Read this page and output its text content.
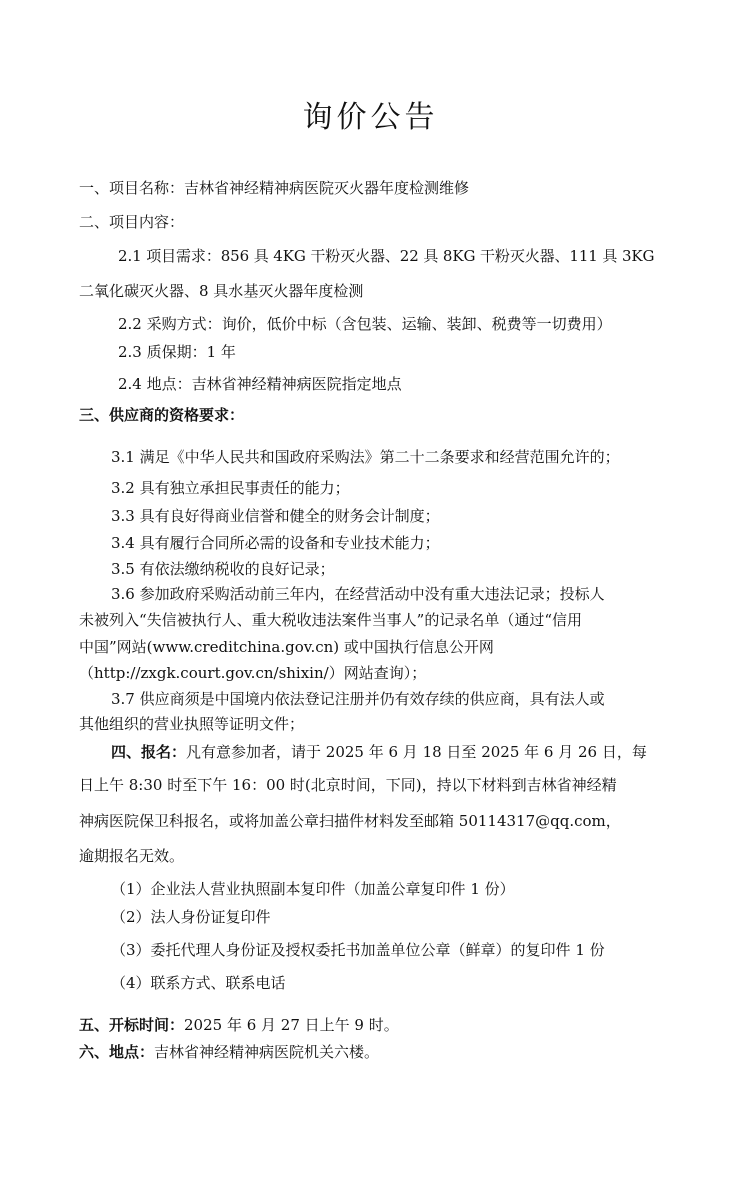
询价公告
一、项目名称：吉林省神经精神病医院灭火器年度检测维修
二、项目内容：
2.1 项目需求：856 具 4KG 干粉灭火器、22 具 8KG 干粉灭火器、111 具 3KG
二氧化碳灭火器、8 具水基灭火器年度检测
2.2 采购方式：询价，低价中标（含包装、运输、装卸、税费等一切费用）
2.3 质保期：1 年
2.4 地点：吉林省神经精神病医院指定地点
三、供应商的资格要求：
3.1 满足《中华人民共和国政府采购法》第二十二条要求和经营范围允许的；
3.2 具有独立承担民事责任的能力；
3.3 具有良好得商业信誉和健全的财务会计制度；
3.4 具有履行合同所必需的设备和专业技术能力；
3.5 有依法缴纳税收的良好记录；
3.6 参加政府采购活动前三年内，在经营活动中没有重大违法记录；投标人
未被列入“失信被执行人、重大税收违法案件当事人”的记录名单（通过“信用
中国”网站(www.creditchina.gov.cn) 或中国执行信息公开网
（http://zxgk.court.gov.cn/shixin/）网站查询）；
3.7 供应商须是中国境内依法登记注册并仍有效存续的供应商，具有法人或
其他组织的营业执照等证明文件；
四、报名：凡有意参加者，请于 2025 年 6 月 18 日至 2025 年 6 月 26 日，每
日上午 8:30 时至下午 16：00 时(北京时间，下同)，持以下材料到吉林省神经精
神病医院保卫科报名，或将加盖公章扫描件材料发至邮箱 50114317@qq.com，
逾期报名无效。
（1）企业法人营业执照副本复印件（加盖公章复印件 1 份）
（2）法人身份证复印件
（3）委托代理人身份证及授权委托书加盖单位公章（鲜章）的复印件 1 份
（4）联系方式、联系电话
五、开标时间：2025 年 6 月 27 日上午 9 时。
六、地点：吉林省神经精神病医院机关六楼。
